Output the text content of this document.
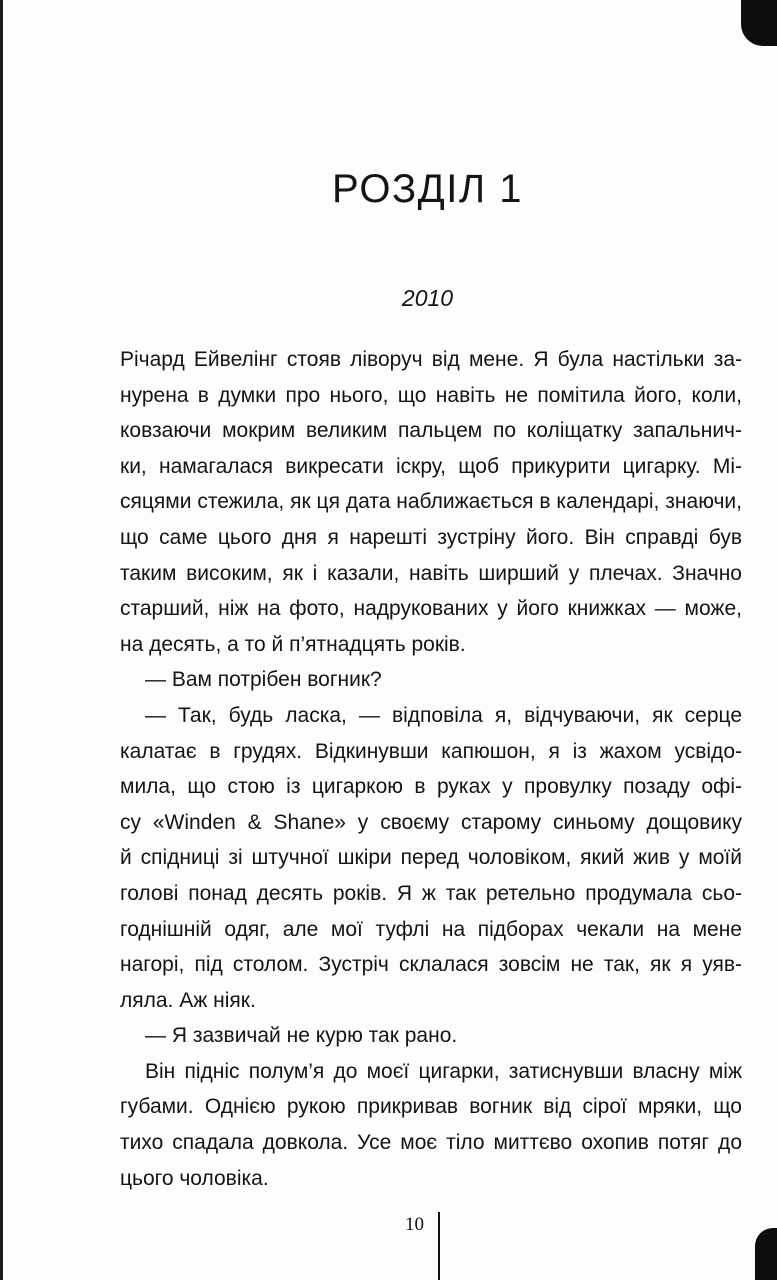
РОЗДІЛ 1
2010

Річард Ейвелінг стояв ліворуч від мене. Я була настільки за-
нурена в думки про нього, що навіть не помітила його, коли,
ковзаючи мокрим великим пальцем по коліщатку запальнич-
ки, намагалася викресати іскру, щоб прикурити цигарку. Мі-
сяцями стежила, як ця дата наближається в календарі, знаючи,
що саме цього дня я нарешті зустріну його. Він справді був
таким високим, як і казали, навіть ширший у плечах. Значно
старший, ніж на фото, надрукованих у його книжках — може,
на десять, а то й п’ятнадцять років.

— Вам потрібен вогник?

— Так, будь ласка, — відповіла я, відчуваючи, як серце
калатає в грудях. Відкинувши капюшон, я із жахом усвідо-
мила, що стою із цигаркою в руках у провулку позаду офі-
су «Winden & Shane» у своєму старому синьому дощовику
й спідниці зі штучної шкіри перед чоловіком, який жив у моїй
голові понад десять років. Я ж так ретельно продумала сьо-
годнішній одяг, але мої туфлі на підборах чекали на мене
нагорі, під столом. Зустріч склалася зовсім не так, як я уяв-
ляла. Аж ніяк.

— Я зазвичай не курю так рано.

Він підніс полум’я до моєї цигарки, затиснувши власну між
губами. Однією рукою прикривав вогник від сірої мряки, що
тихо спадала довкола. Усе моє тіло миттєво охопив потяг до
цього чоловіка.

10
